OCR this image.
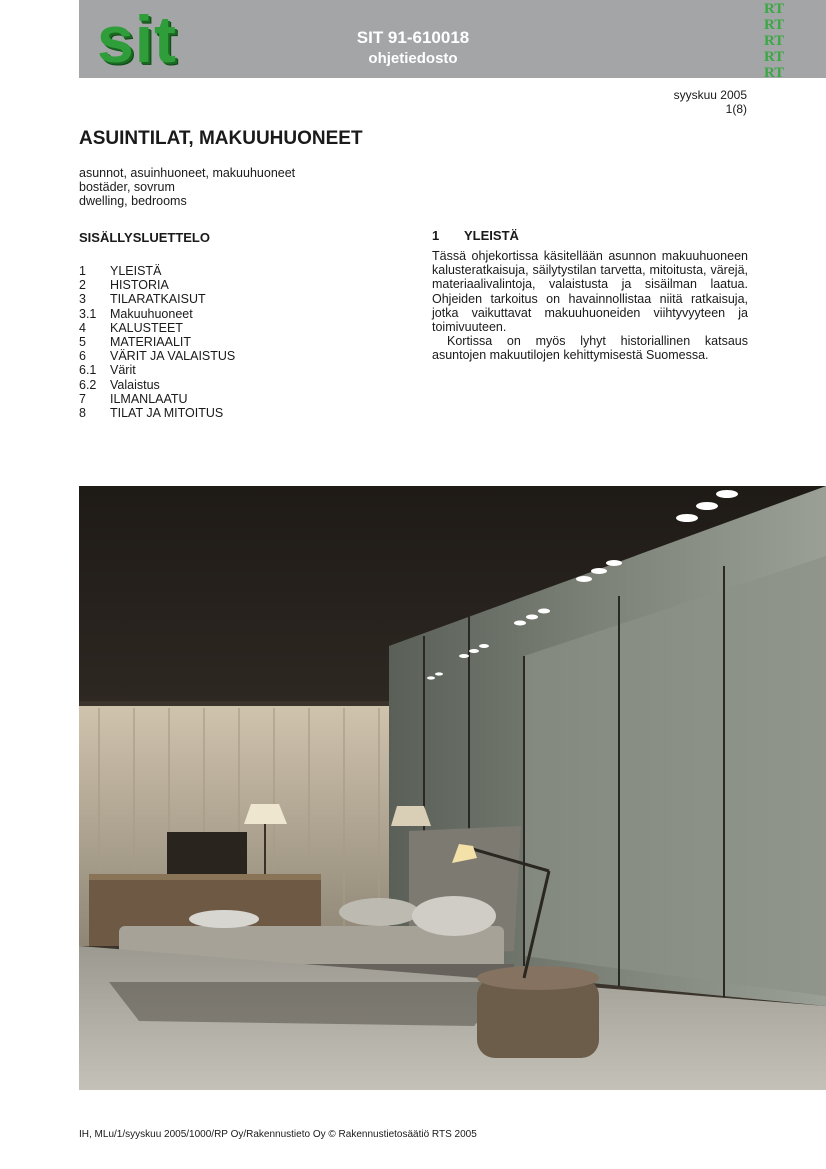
sit	SIT 91-610018
ohjetiedosto
RT
RT
RT
RT
RT
syyskuu 2005
1(8)
ASUINTILAT, MAKUUHUONEET
asunnot, asuinhuoneet, makuuhuoneet
bostäder, sovrum
dwelling, bedrooms
SISÄLLYSLUETTELO
1	YLEISTÄ
2	HISTORIA
3	TILARATKAISUT
3.1	Makuuhuoneet
4	KALUSTEET
5	MATERIAALIT
6	VÄRIT JA VALAISTUS
6.1	Värit
6.2	Valaistus
7	ILMANLAATU
8	TILAT JA MITOITUS
1	YLEISTÄ

Tässä ohjekortissa käsitellään asunnon makuuhuoneen kalusteratkaisuja, säilytystilan tarvetta, mitoitusta, värejä, materiaalivalintoja, valaistusta ja sisäilman laatua. Ohjeiden tarkoitus on havainnollistaa niitä ratkaisuja, jotka vaikuttavat makuuhuoneiden viihtyvyyteen ja toimivuuteen.

Kortissa on myös lyhyt historiallinen katsaus asuntojen makuutilojen kehittymisestä Suomessa.

IH, MLu/1/syyskuu 2005/1000/RP Oy/Rakennustieto Oy © Rakennustietosäätiö RTS 2005
